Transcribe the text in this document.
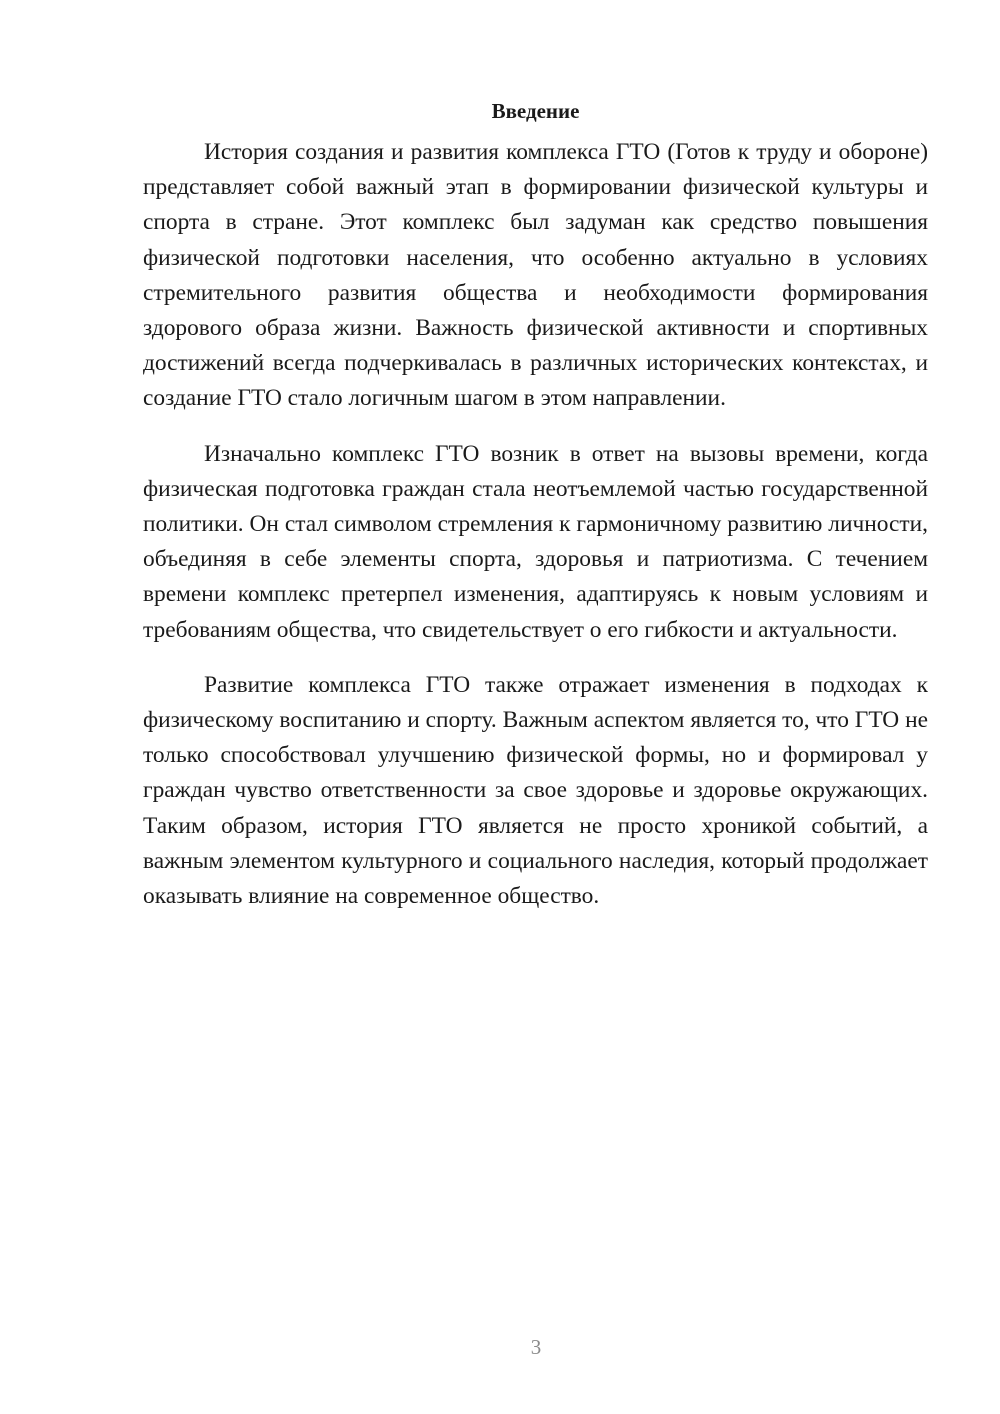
Введение

История создания и развития комплекса ГТО (Готов к труду и обороне) представляет собой важный этап в формировании физической культуры и спорта в стране. Этот комплекс был задуман как средство повышения физической подготовки населения, что особенно актуально в условиях стремительного развития общества и необходимости формирования здорового образа жизни. Важность физической активности и спортивных достижений всегда подчеркивалась в различных исторических контекстах, и создание ГТО стало логичным шагом в этом направлении.

Изначально комплекс ГТО возник в ответ на вызовы времени, когда физическая подготовка граждан стала неотъемлемой частью государственной политики. Он стал символом стремления к гармоничному развитию личности, объединяя в себе элементы спорта, здоровья и патриотизма. С течением времени комплекс претерпел изменения, адаптируясь к новым условиям и требованиям общества, что свидетельствует о его гибкости и актуальности.

Развитие комплекса ГТО также отражает изменения в подходах к физическому воспитанию и спорту. Важным аспектом является то, что ГТО не только способствовал улучшению физической формы, но и формировал у граждан чувство ответственности за свое здоровье и здоровье окружающих. Таким образом, история ГТО является не просто хроникой событий, а важным элементом культурного и социального наследия, который продолжает оказывать влияние на современное общество.

3
